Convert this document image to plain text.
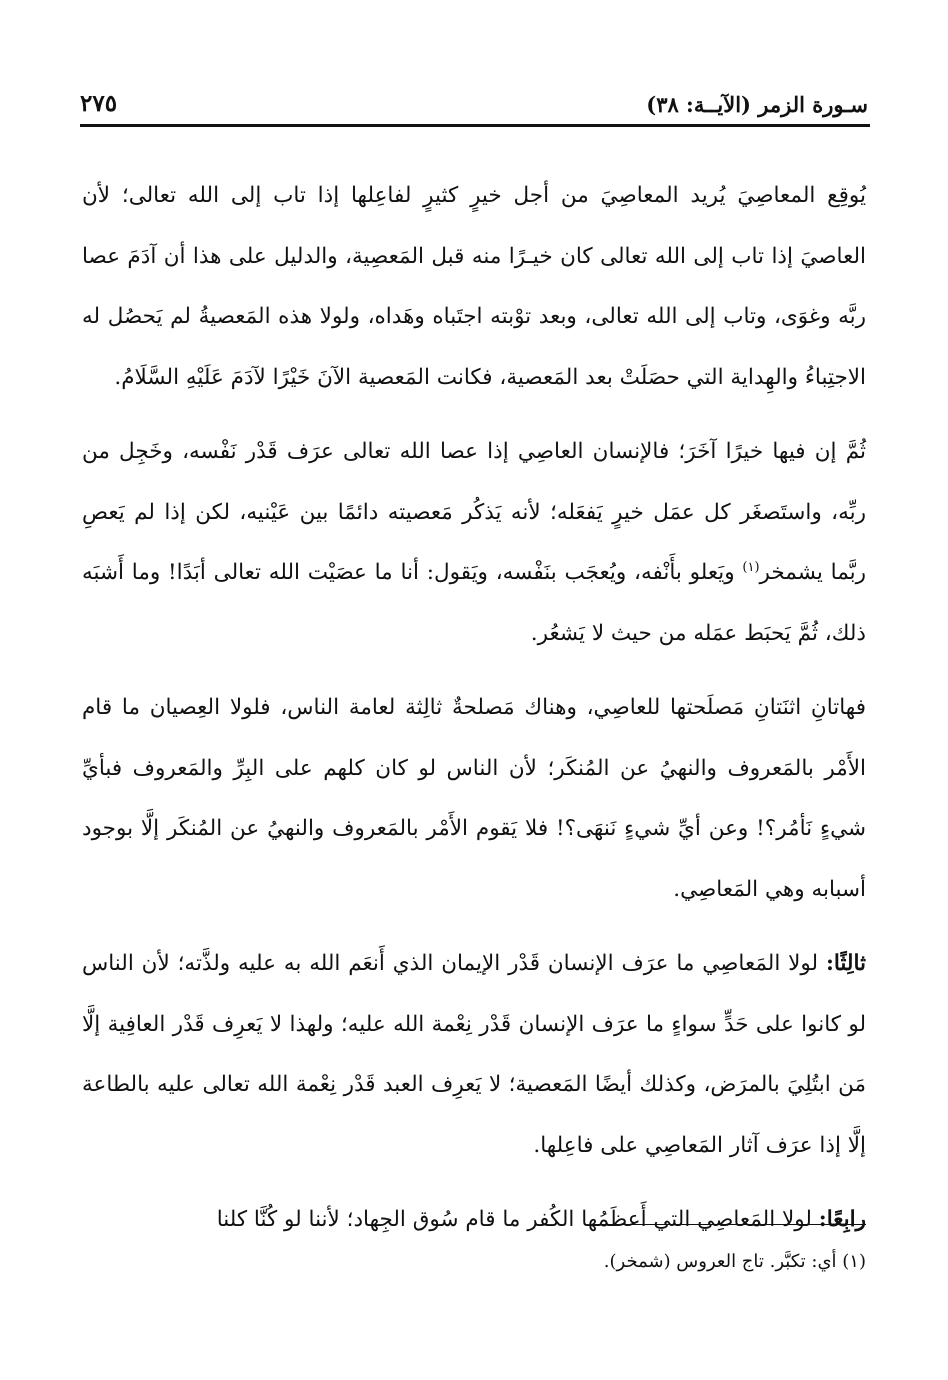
سـورة الزمر (الآيــة: ٣٨)
٢٧٥

يُوقِع المعاصِيَ يُريد المعاصِيَ من أجل خيرٍ كثيرٍ لفاعِلها إذا تاب إلى الله تعالى؛ لأن العاصيَ إذا تاب إلى الله تعالى كان خيـرًا منه قبل المَعصِية، والدليل على هذا أن آدَمَ عصا ربَّه وغوَى، وتاب إلى الله تعالى، وبعد توْبته اجتَباه وهَداه، ولولا هذه المَعصيةُ لم يَحصُل له الاجتِباءُ والهِداية التي حصَلَتْ بعد المَعصية، فكانت المَعصية الآنَ خَيْرًا لآدَمَ عَلَيْهِ السَّلَامُ.

ثُمَّ إن فيها خيرًا آخَرَ؛ فالإنسان العاصِي إذا عصا الله تعالى عرَف قَدْر نَفْسه، وخَجِل من ربِّه، واستَصغَر كل عمَل خيرٍ يَفعَله؛ لأنه يَذكُر مَعصيته دائمًا بين عَيْنيه، لكن إذا لم يَعصِ ربَّما يشمخر$^{(١)}$ ويَعلو بأَنْفه، ويُعجَب بنَفْسه، ويَقول: أنا ما عصَيْت الله تعالى أبَدًا! وما أَشبَه ذلك، ثُمَّ يَحبَط عمَله من حيث لا يَشعُر.

فهاتانِ اثنَتانِ مَصلَحتها للعاصِي، وهناك مَصلحةٌ ثالِثة لعامة الناس، فلولا العِصيان ما قام الأَمْر بالمَعروف والنهيُ عن المُنكَر؛ لأن الناس لو كان كلهم على البِرِّ والمَعروف فبأيِّ شيءٍ نَأمُر؟! وعن أيِّ شيءٍ نَنهَى؟! فلا يَقوم الأَمْر بالمَعروف والنهيُ عن المُنكَر إلَّا بوجود أسبابه وهي المَعاصِي.

ثالِثًا: لولا المَعاصِي ما عرَف الإنسان قَدْر الإيمان الذي أَنعَم الله به عليه ولذَّته؛ لأن الناس لو كانوا على حَدٍّ سواءٍ ما عرَف الإنسان قَدْر نِعْمة الله عليه؛ ولهذا لا يَعرِف قَدْر العافِية إلَّا مَن ابتُلِيَ بالمرَض، وكذلك أيضًا المَعصية؛ لا يَعرِف العبد قَدْر نِعْمة الله تعالى عليه بالطاعة إلَّا إذا عرَف آثار المَعاصِي على فاعِلها.

رابِعًا: لولا المَعاصِي التي أَعظَمُها الكُفر ما قام سُوق الجِهاد؛ لأننا لو كُنَّا كلنا

(١) أي: تكبَّر. تاج العروس (شمخر).
